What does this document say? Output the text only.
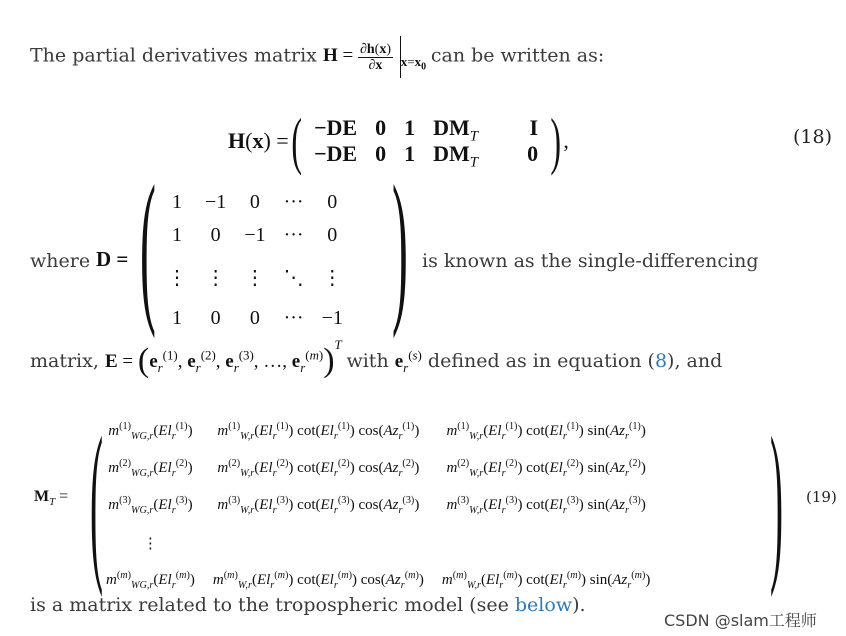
The partial derivatives matrix $H = \frac{\partial h(x)}{\partial x} _{x=x_0}$ can be written as:
H(x) = ( −DE	0	1	$DM_T$	I
−DE	0	1	$DM_T$	0 ) ,	(18)
where D = ( )
1	−1	0	···	0
1	0	−1	···	0
⋮	⋮	⋮	⋱	⋮
1	0	0	···	−1
is known as the single-differencing
matrix, $E = (e_r^{(1)}$, $e_r^{(2)}$, $e_r^{(3)}$, …, $e_r^{(m)})^T$ with $e_r^{(s)}$ defined as in equation (8), and
$M_T$ = (	)
$m^{(1)}_{WG,r}(El_r^{(1)})$	$m^{(1)}_{W,r}(El_r^{(1)})$ $\cot(El_r^{(1)})$ $\cos(Az_r^{(1)})$	$m^{(1)}_{W,r}(El_r^{(1)})$ $\cot(El_r^{(1)})$ $\sin(Az_r^{(1)})$
$m^{(2)}_{WG,r}(El_r^{(2)})$	$m^{(2)}_{W,r}(El_r^{(2)})$ $\cot(El_r^{(2)})$ $\cos(Az_r^{(2)})$	$m^{(2)}_{W,r}(El_r^{(2)})$ $\cot(El_r^{(2)})$ $\sin(Az_r^{(2)})$
$m^{(3)}_{WG,r}(El_r^{(3)})$	$m^{(3)}_{W,r}(El_r^{(3)})$ $\cot(El_r^{(3)})$ $\cos(Az_r^{(3)})$	$m^{(3)}_{W,r}(El_r^{(3)})$ $\cot(El_r^{(3)})$ $\sin(Az_r^{(3)})$
⋮		
$m^{(m)}_{WG,r}(El_r^{(m)})$	$m^{(m)}_{W,r}(El_r^{(m)})$ $\cot(El_r^{(m)})$ $\cos(Az_r^{(m)})$	$m^{(m)}_{W,r}(El_r^{(m)})$ $\cot(El_r^{(m)})$ $\sin(Az_r^{(m)})$
(19)
is a matrix related to the tropospheric model (see below).
CSDN @slam工程师
